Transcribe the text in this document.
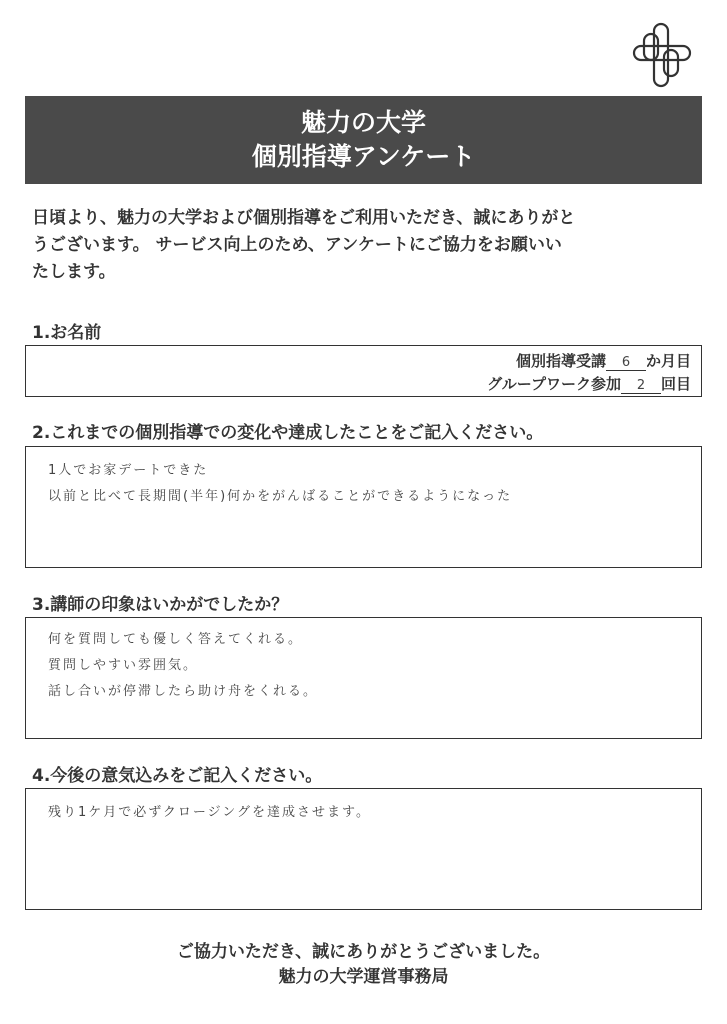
魅力の大学
個別指導アンケート
日頃より、魅力の大学および個別指導をご利用いただき、誠にありがと
うございます。 サービス向上のため、アンケートにご協力をお願いい
たします。
1.お名前
個別指導受講 6 か月目
グループワーク参加 2 回目
2.これまでの個別指導での変化や達成したことをご記入ください。
1人でお家デートできた
以前と比べて長期間(半年)何かをがんばることができるようになった
3.講師の印象はいかがでしたか？
何を質問しても優しく答えてくれる。
質問しやすい雰囲気。
話し合いが停滞したら助け舟をくれる。
4.今後の意気込みをご記入ください。
残り1ケ月で必ずクロージングを達成させます。
ご協力いただき、誠にありがとうございました。
魅力の大学運営事務局
